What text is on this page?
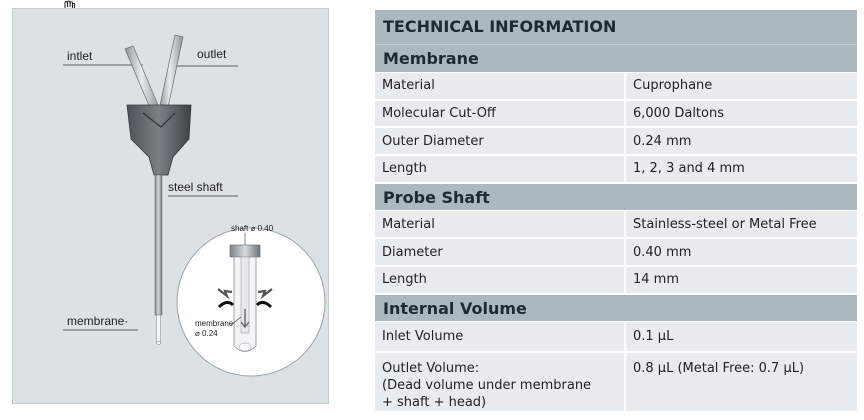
intlet	outlet
steel shaft
membrane·
shaft ⌀ 0.40
membrane
⌀ 0.24
TECHNICAL INFORMATION	
Membrane	
Material	Cuprophane
Molecular Cut-Off	6,000 Daltons
Outer Diameter	0.24 mm
Length	1, 2, 3 and 4 mm
Probe Shaft	
Material	Stainless-steel or Metal Free
Diameter	0.40 mm
Length	14 mm
Internal Volume	
Inlet Volume	0.1 µL
Outlet Volume:
(Dead volume under membrane
+ shaft + head)	0.8 µL (Metal Free: 0.7 µL)
